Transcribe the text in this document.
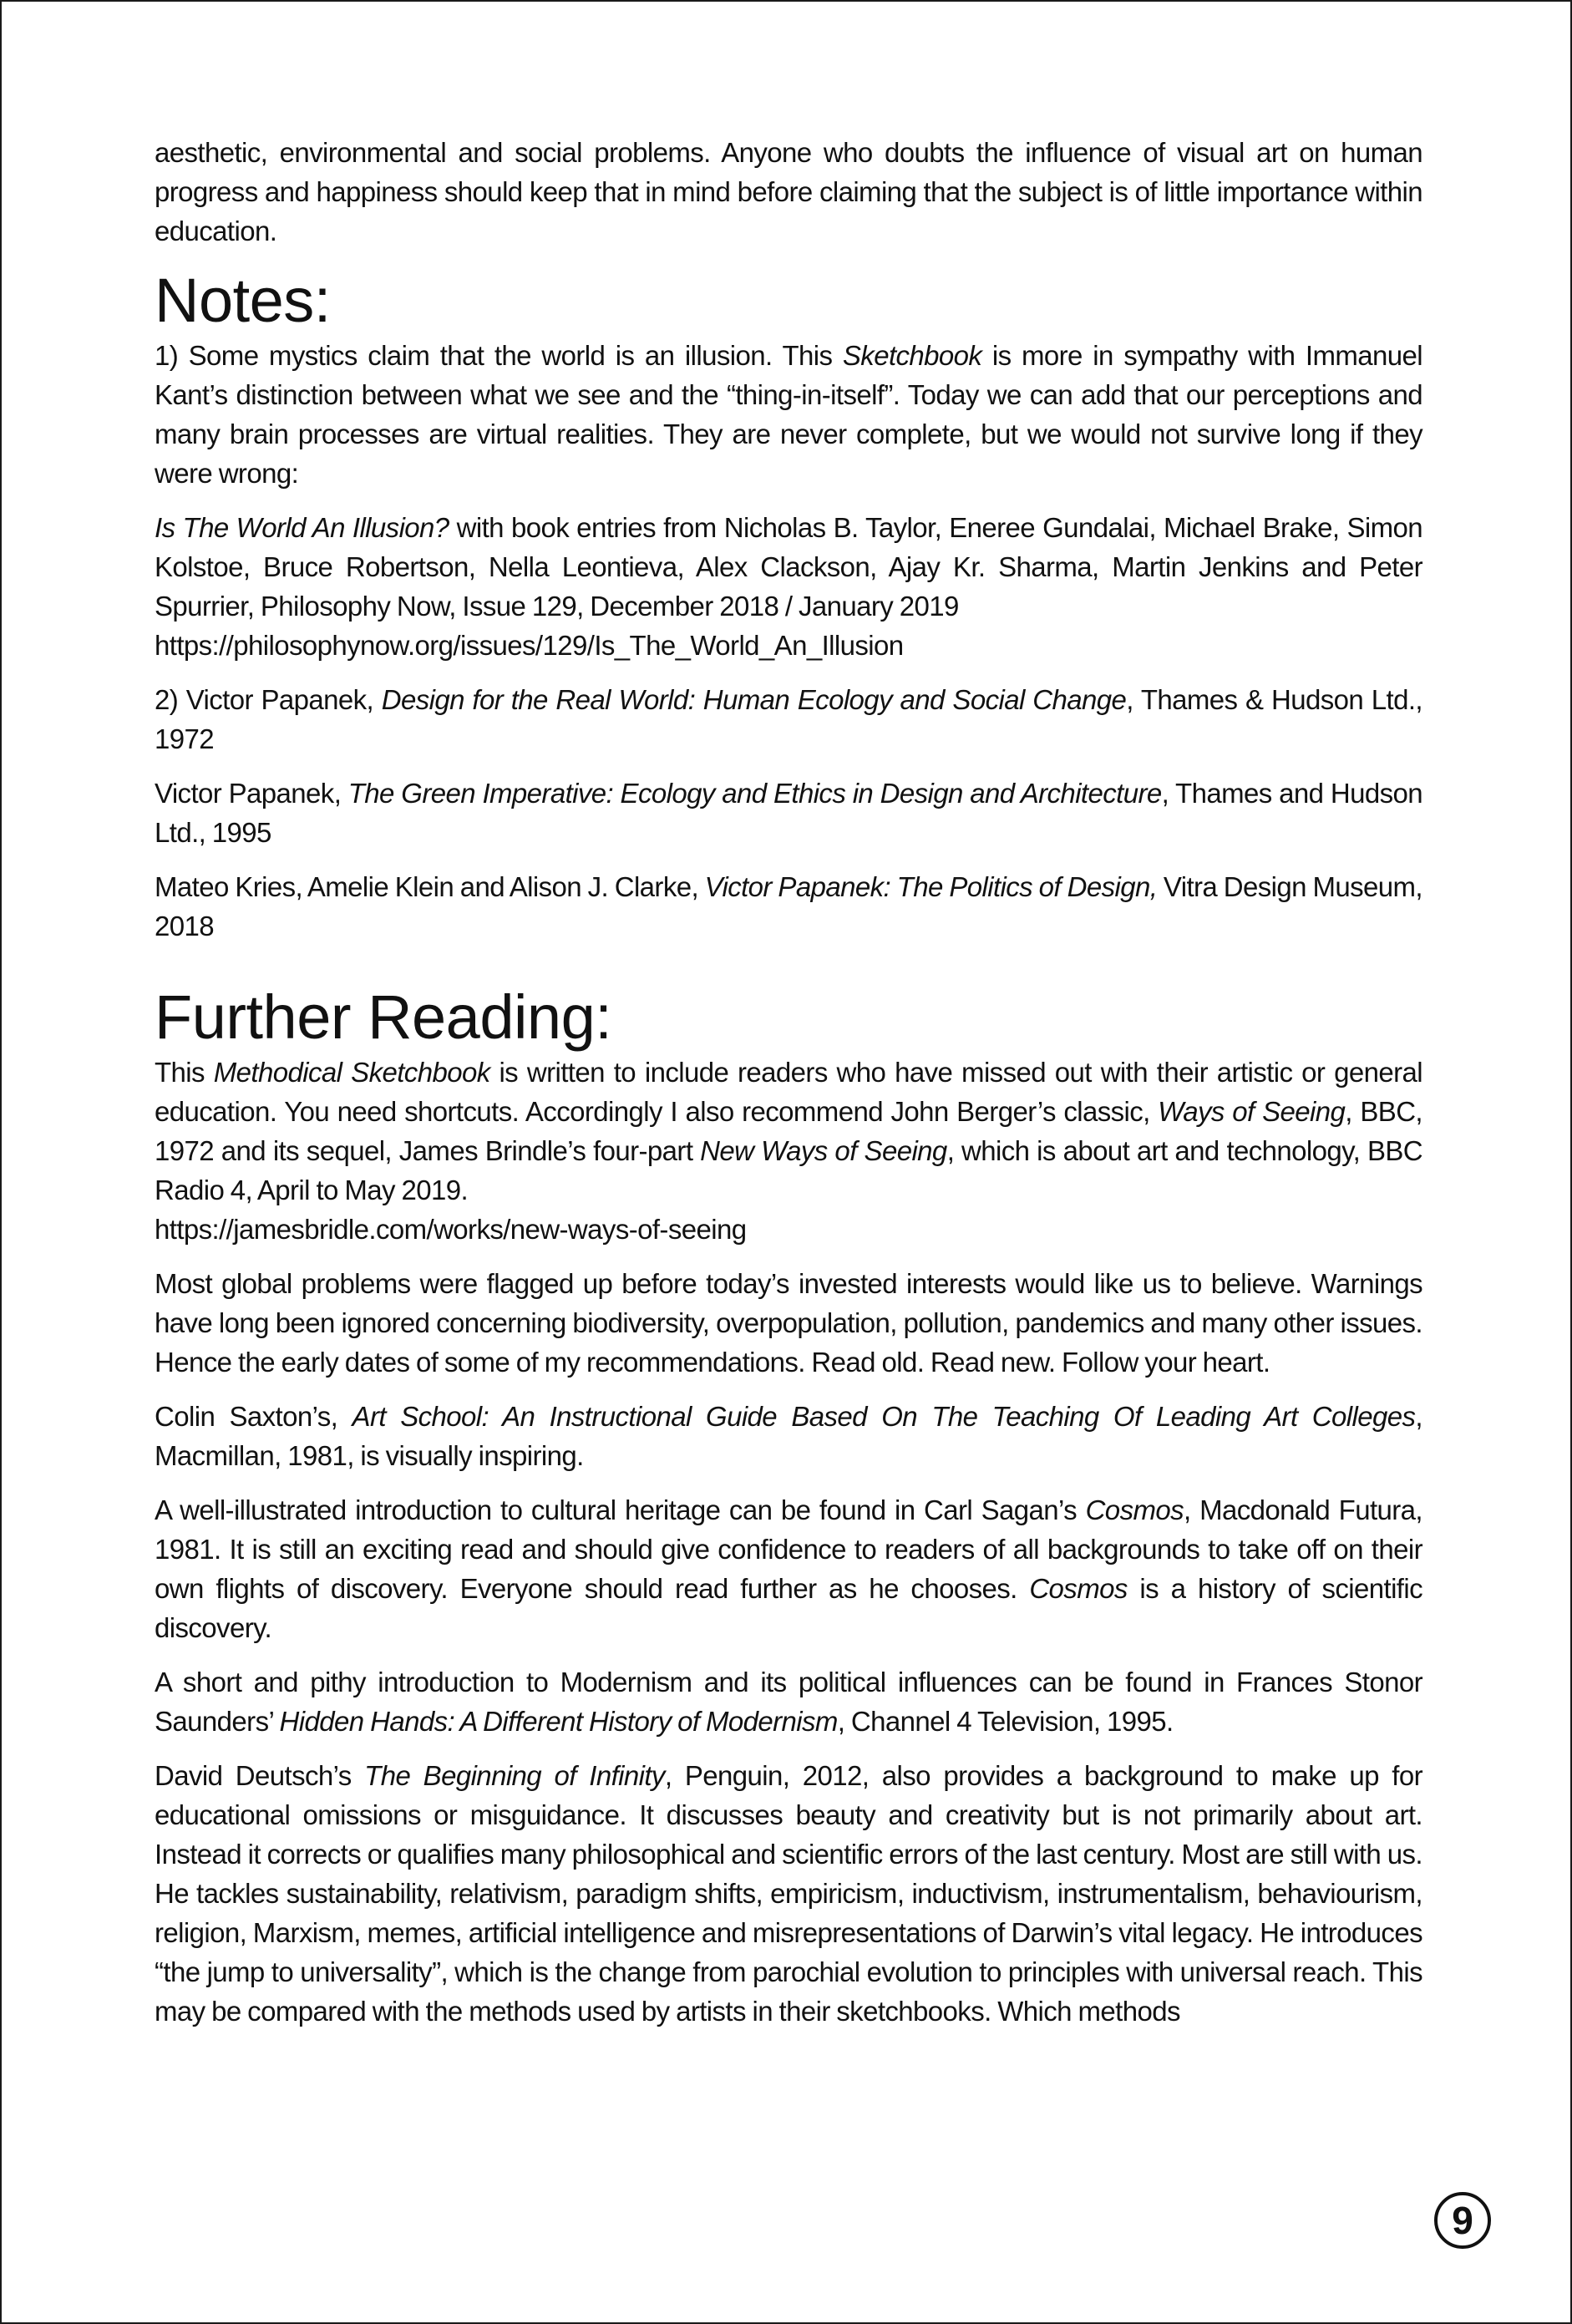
aesthetic, environmental and social problems. Anyone who doubts the influence of visual art on human progress and happiness should keep that in mind before claiming that the subject is of little importance within education.

Notes:

1) Some mystics claim that the world is an illusion. This Sketchbook is more in sympathy with Immanuel Kant’s distinction between what we see and the “thing-in-itself”. Today we can add that our perceptions and many brain processes are virtual realities. They are never complete, but we would not survive long if they were wrong:

Is The World An Illusion? with book entries from Nicholas B. Taylor, Eneree Gundalai, Michael Brake, Simon Kolstoe, Bruce Robertson, Nella Leontieva, Alex Clackson, Ajay Kr. Sharma, Martin Jenkins and Peter Spurrier, Philosophy Now, Issue 129, December 2018 / January 2019

https://philosophynow.org/issues/129/Is_The_World_An_Illusion

2) Victor Papanek, Design for the Real World: Human Ecology and Social Change, Thames & Hudson Ltd., 1972

Victor Papanek, The Green Imperative: Ecology and Ethics in Design and Architecture, Thames and Hudson Ltd., 1995

Mateo Kries, Amelie Klein and Alison J. Clarke, Victor Papanek: The Politics of Design, Vitra Design Museum, 2018

Further Reading:

This Methodical Sketchbook is written to include readers who have missed out with their artistic or general education. You need shortcuts. Accordingly I also recommend John Berger’s classic, Ways of Seeing, BBC, 1972 and its sequel, James Brindle’s four-part New Ways of Seeing, which is about art and technology, BBC Radio 4, April to May 2019.

https://jamesbridle.com/works/new-ways-of-seeing

Most global problems were flagged up before today’s invested interests would like us to believe. Warnings have long been ignored concerning biodiversity, overpopulation, pollution, pandemics and many other issues. Hence the early dates of some of my recommendations. Read old. Read new. Follow your heart.

Colin Saxton’s, Art School: An Instructional Guide Based On The Teaching Of Leading Art Colleges, Macmillan, 1981, is visually inspiring.

A well-illustrated introduction to cultural heritage can be found in Carl Sagan’s Cosmos, Macdonald Futura, 1981. It is still an exciting read and should give confidence to readers of all backgrounds to take off on their own flights of discovery. Everyone should read further as he chooses. Cosmos is a history of scientific discovery.

A short and pithy introduction to Modernism and its political influences can be found in Frances Stonor Saunders’ Hidden Hands: A Different History of Modernism, Channel 4 Television, 1995.

David Deutsch’s The Beginning of Infinity, Penguin, 2012, also provides a background to make up for educational omissions or misguidance. It discusses beauty and creativity but is not primarily about art. Instead it corrects or qualifies many philosophical and scientific errors of the last century. Most are still with us. He tackles sustainability, relativism, paradigm shifts, empiricism, inductivism, instrumentalism, behaviourism, religion, Marxism, memes, artificial intelligence and misrepresentations of Darwin’s vital legacy. He introduces “the jump to universality”, which is the change from parochial evolution to principles with universal reach. This may be compared with the methods used by artists in their sketchbooks. Which methods

9
